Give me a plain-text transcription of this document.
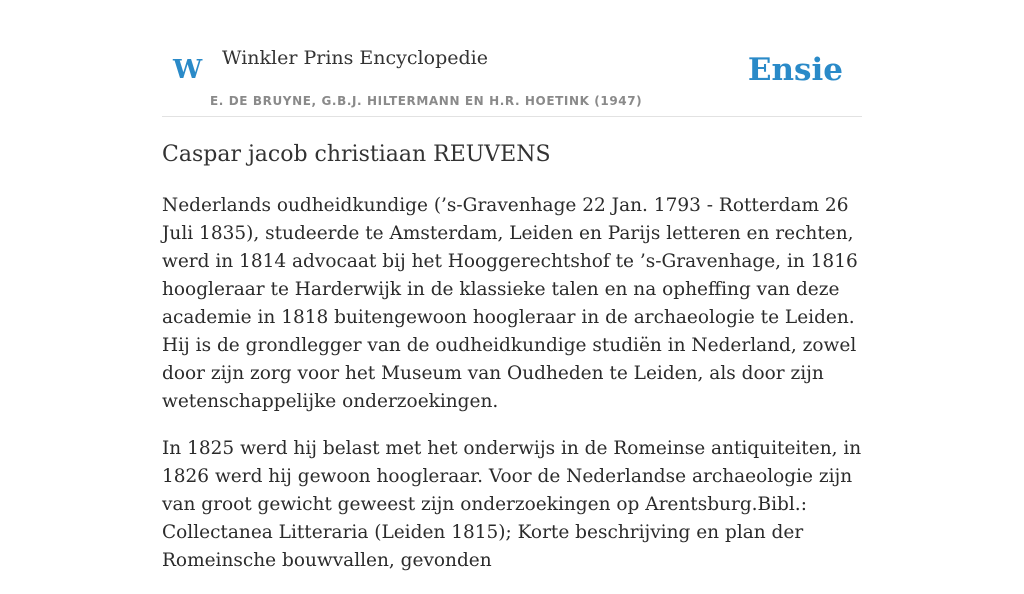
W Winkler Prins Encyclopedie
E. DE BRUYNE, G.B.J. HILTERMANN EN H.R. HOETINK (1947)
Ensie
Caspar jacob christiaan REUVENS

Nederlands oudheidkundige (’s-Gravenhage 22 Jan. 1793 - Rotterdam 26 Juli 1835), studeerde te Amsterdam, Leiden en Parijs letteren en rechten, werd in 1814 advocaat bij het Hooggerechtshof te ’s-Gravenhage, in 1816 hoogleraar te Harderwijk in de klassieke talen en na opheffing van deze academie in 1818 buitengewoon hoogleraar in de archaeologie te Leiden. Hij is de grondlegger van de oudheidkundige studiën in Nederland, zowel door zijn zorg voor het Museum van Oudheden te Leiden, als door zijn wetenschappelijke onderzoekingen.

In 1825 werd hij belast met het onderwijs in de Romeinse antiquiteiten, in 1826 werd hij gewoon hoogleraar. Voor de Nederlandse archaeologie zijn van groot gewicht geweest zijn onderzoekingen op Arentsburg.Bibl.: Collectanea Litteraria (Leiden 1815); Korte beschrijving en plan der Romeinsche bouwvallen, gevonden
